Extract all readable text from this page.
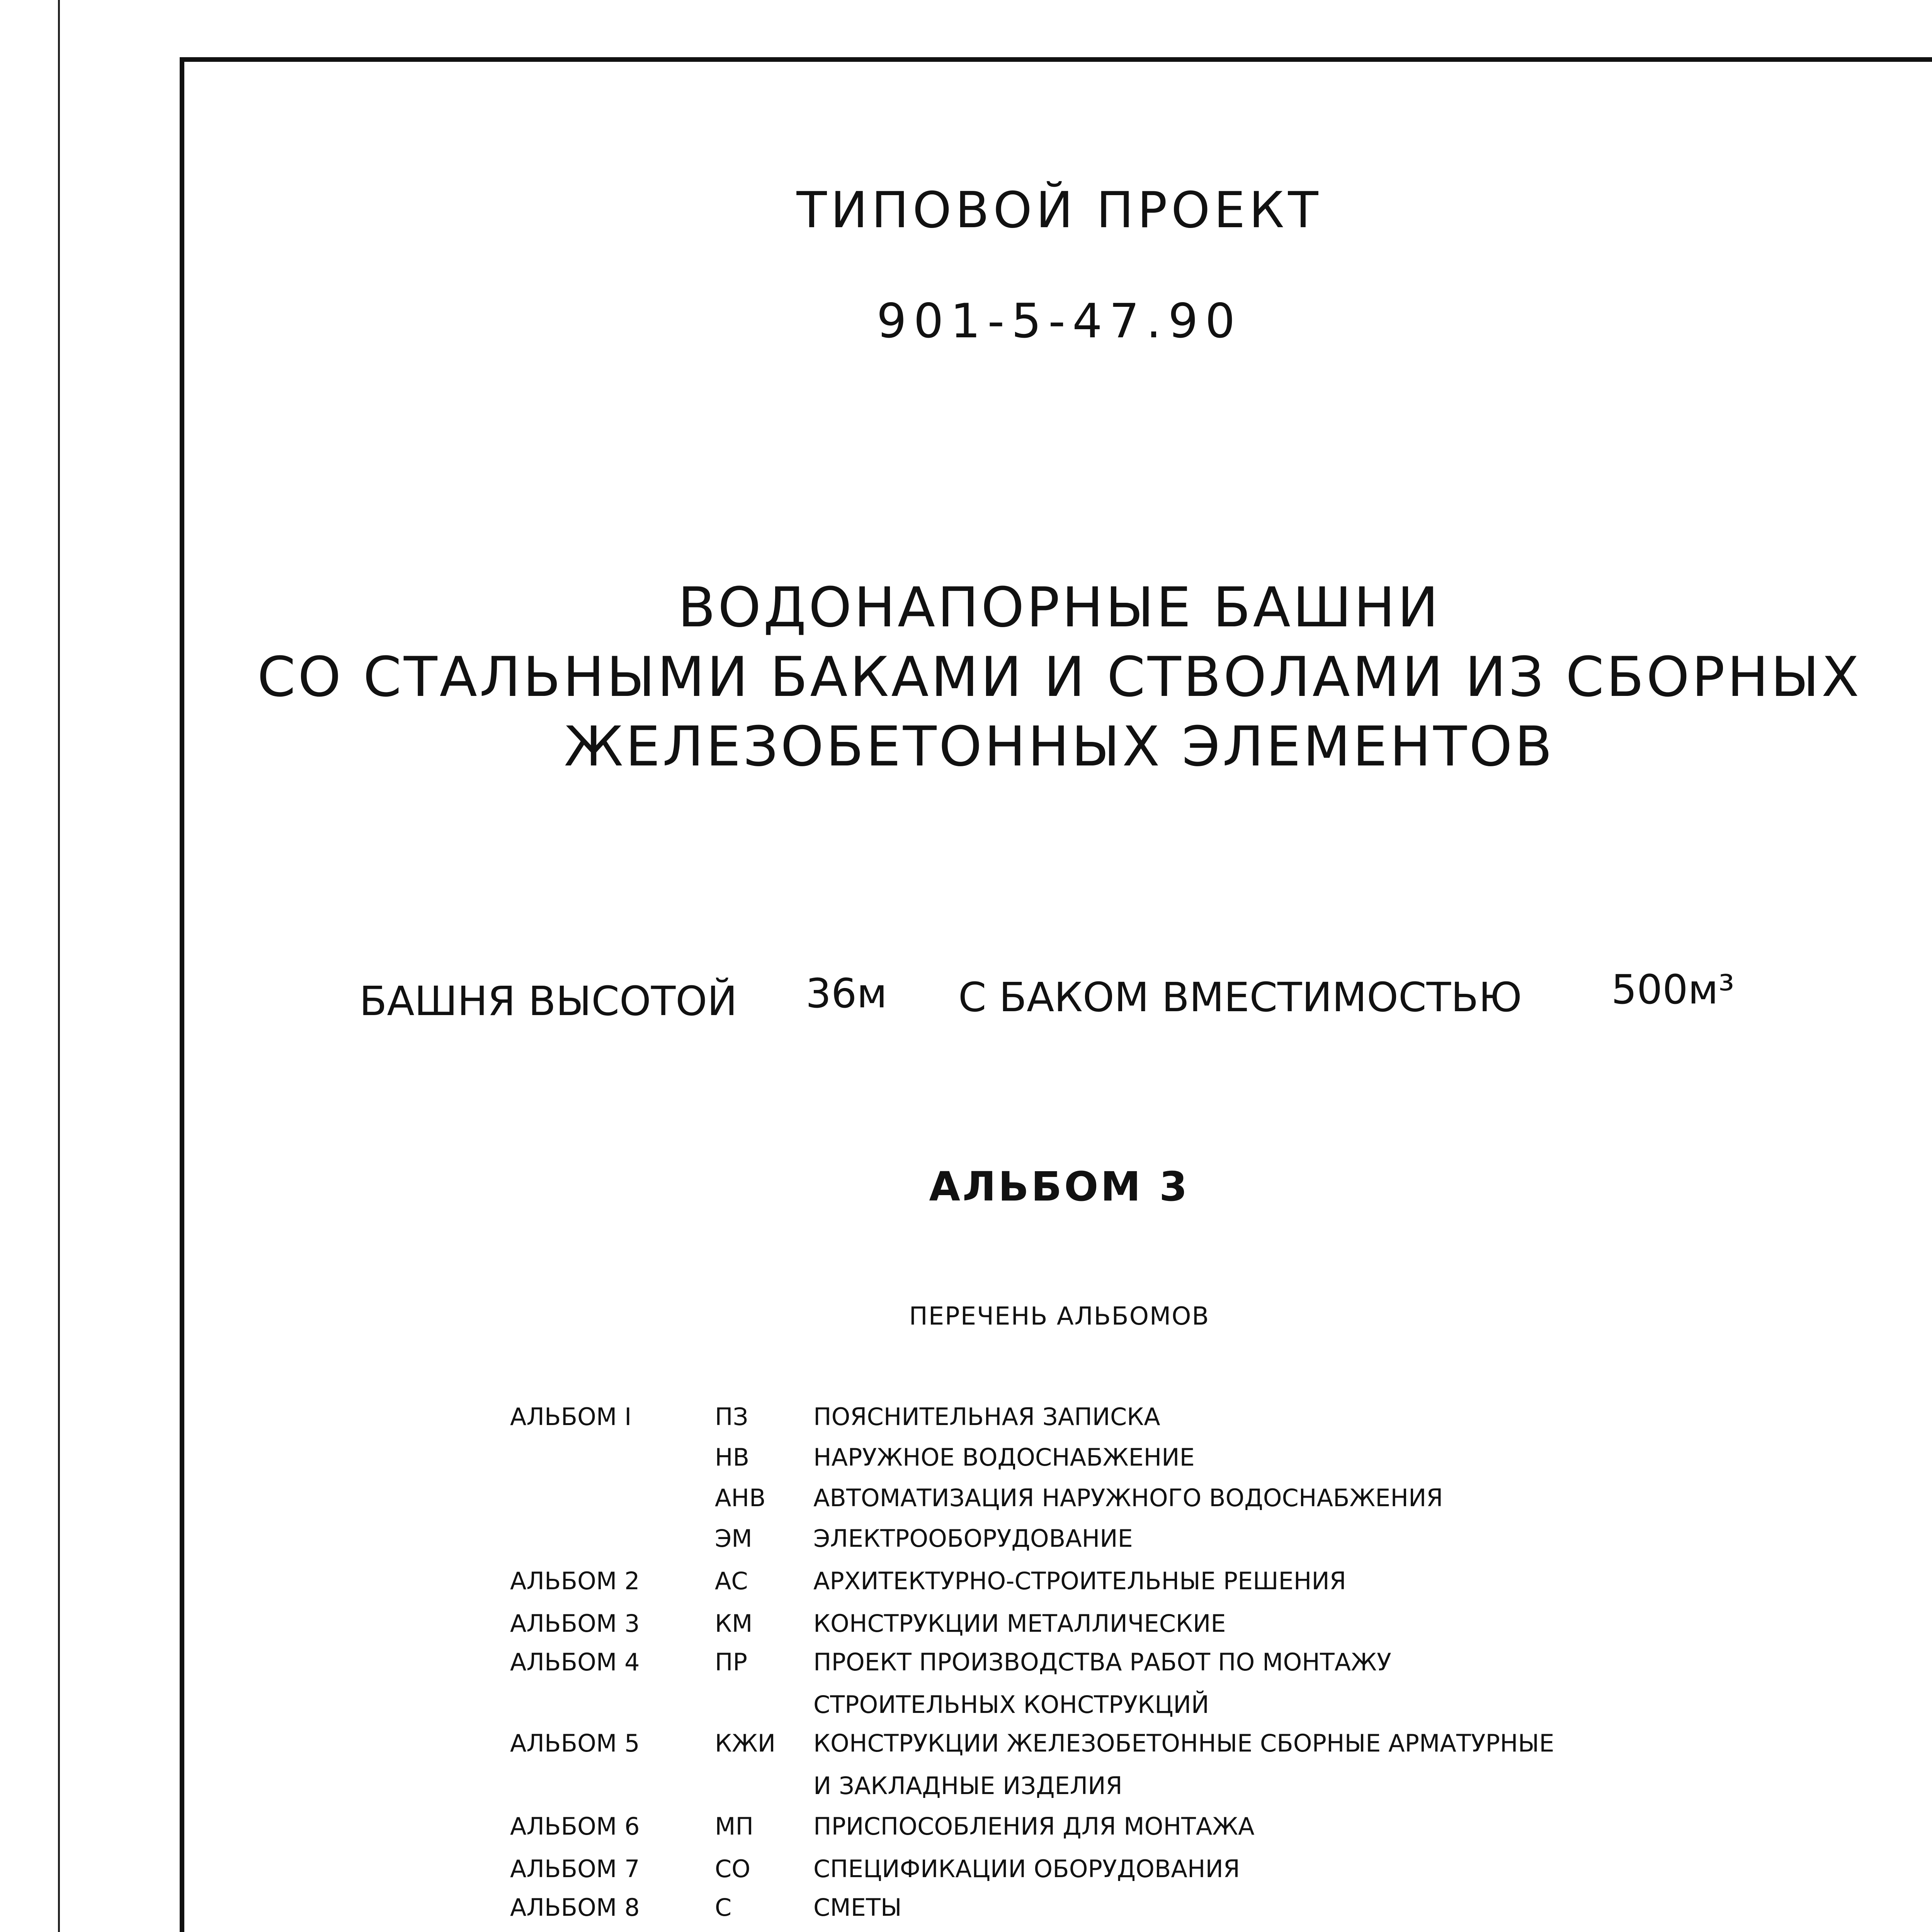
ТИПОВОЙ ПРОЕКТ
901-5-47.90
ВОДОНАПОРНЫЕ БАШНИ
СО СТАЛЬНЫМИ БАКАМИ И СТВОЛАМИ ИЗ СБОРНЫХ
ЖЕЛЕЗОБЕТОННЫХ ЭЛЕМЕНТОВ
БАШНЯ ВЫСОТОЙ 36м С БАКОМ ВМЕСТИМОСТЬЮ 500м³
АЛЬБОМ 3
ПЕРЕЧЕНЬ АЛЬБОМОВ
АЛЬБОМ I	ПЗ	ПОЯСНИТЕЛЬНАЯ ЗАПИСКА
НВ	НАРУЖНОЕ ВОДОСНАБЖЕНИЕ
АНВ АВТОМАТИЗАЦИЯ НАРУЖНОГО ВОДОСНАБЖЕНИЯ
ЭМ	ЭЛЕКТРООБОРУДОВАНИЕ
АЛЬБОМ 2	АС	АРХИТЕКТУРНО-СТРОИТЕЛЬНЫЕ РЕШЕНИЯ
АЛЬБОМ 3	КМ	КОНСТРУКЦИИ МЕТАЛЛИЧЕСКИЕ
АЛЬБОМ 4	ПР	ПРОЕКТ ПРОИЗВОДСТВА РАБОТ ПО МОНТАЖУ
СТРОИТЕЛЬНЫХ КОНСТРУКЦИЙ
АЛЬБОМ 5	КЖИ КОНСТРУКЦИИ ЖЕЛЕЗОБЕТОННЫЕ СБОРНЫЕ АРМАТУРНЫЕ
И ЗАКЛАДНЫЕ ИЗДЕЛИЯ
АЛЬБОМ 6	МП ПРИСПОСОБЛЕНИЯ ДЛЯ МОНТАЖА
АЛЬБОМ 7	СО	СПЕЦИФИКАЦИИ ОБОРУДОВАНИЯ
АЛЬБОМ 8	С	СМЕТЫ
